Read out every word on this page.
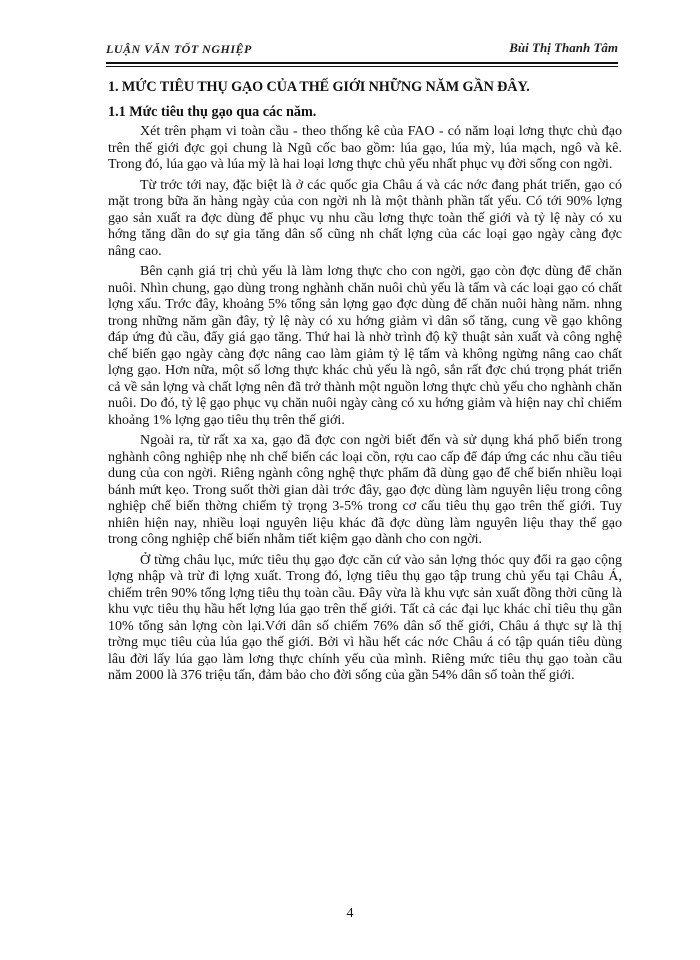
LUẬN VĂN TỐT NGHIỆP	Bùi Thị Thanh Tâm
1. MỨC TIÊU THỤ GẠO CỦA THẾ GIỚI NHỮNG NĂM GẦN ĐÂY.
1.1 Mức tiêu thụ gạo qua các năm.

Xét trên phạm vi toàn cầu - theo thống kê của FAO - có năm loại lơng thực chủ đạo trên thế giới đợc gọi chung là Ngũ cốc bao gồm: lúa gạo, lúa mỳ, lúa mạch, ngô và kê. Trong đó, lúa gạo và lúa mỳ là hai loại lơng thực chủ yếu nhất phục vụ đời sống con ngời.

Từ trớc tới nay, đặc biệt là ở các quốc gia Châu á và các nớc đang phát triển, gạo có mặt trong bữa ăn hàng ngày của con ngời nh là một thành phần tất yếu. Có tới 90% lợng gạo sản xuất ra đợc dùng để phục vụ nhu cầu lơng thực toàn thế giới và tỷ lệ này có xu hớng tăng dần do sự gia tăng dân số cũng nh chất lợng của các loại gạo ngày càng đợc nâng cao.

Bên cạnh giá trị chủ yếu là làm lơng thực cho con ngời, gạo còn đợc dùng để chăn nuôi. Nhìn chung, gạo dùng trong nghành chăn nuôi chủ yếu là tấm và các loại gạo có chất lợng xấu. Trớc đây, khoảng 5% tổng sản lợng gạo đợc dùng để chăn nuôi hàng năm. nhng trong những năm gần đây, tỷ lệ này có xu hớng giảm vì dân số tăng, cung về gạo không đáp ứng đủ cầu, đẩy giá gạo tăng. Thứ hai là nhờ trình độ kỹ thuật sản xuất và công nghệ chế biến gạo ngày càng đợc nâng cao làm giảm tỷ lệ tấm và không ngừng nâng cao chất lợng gạo. Hơn nữa, một số lơng thực khác chủ yếu là ngô, sắn rất đợc chú trọng phát triển cả về sản lợng và chất lợng nên đã trở thành một nguồn lơng thực chủ yếu cho nghành chăn nuôi. Do đó, tỷ lệ gạo phục vụ chăn nuôi ngày càng có xu hớng giảm và hiện nay chỉ chiếm khoảng 1% lợng gạo tiêu thụ trên thế giới.

Ngoài ra, từ rất xa xa, gạo đã đợc con ngời biết đến và sử dụng khá phổ biến trong nghành công nghiệp nhẹ nh chế biến các loại cồn, rợu cao cấp để đáp ứng các nhu cầu tiêu dung của con ngời. Riêng ngành công nghệ thực phẩm đã dùng gạo để chế biến nhiều loại bánh mứt kẹo. Trong suốt thời gian dài trớc đây, gạo đợc dùng làm nguyên liệu trong công nghiệp chế biến thờng chiếm tỷ trọng 3-5% trong cơ cấu tiêu thụ gạo trên thế giới. Tuy nhiên hiện nay, nhiều loại nguyên liệu khác đã đợc dùng làm nguyên liệu thay thế gạo trong công nghiệp chế biến nhằm tiết kiệm gạo dành cho con ngời.

Ở từng châu lục, mức tiêu thụ gạo đợc căn cứ vào sản lợng thóc quy đổi ra gạo cộng lợng nhập và trừ đi lợng xuất. Trong đó, lợng tiêu thụ gạo tập trung chủ yếu tại Châu Á, chiếm trên 90% tổng lợng tiêu thụ toàn cầu. Đây vừa là khu vực sản xuất đồng thời cũng là khu vực tiêu thụ hầu hết lợng lúa gạo trên thế giới. Tất cả các đại lục khác chỉ tiêu thụ gần 10% tổng sản lợng còn lại.Với dân số chiếm 76% dân số thế giới, Châu á thực sự là thị trờng mục tiêu của lúa gạo thế giới. Bởi vì hầu hết các nớc Châu á có tập quán tiêu dùng lâu đời lấy lúa gạo làm lơng thực chính yếu của mình. Riêng mức tiêu thụ gạo toàn cầu năm 2000 là 376 triệu tấn, đảm bảo cho đời sống của gần 54% dân số toàn thế giới.

4
